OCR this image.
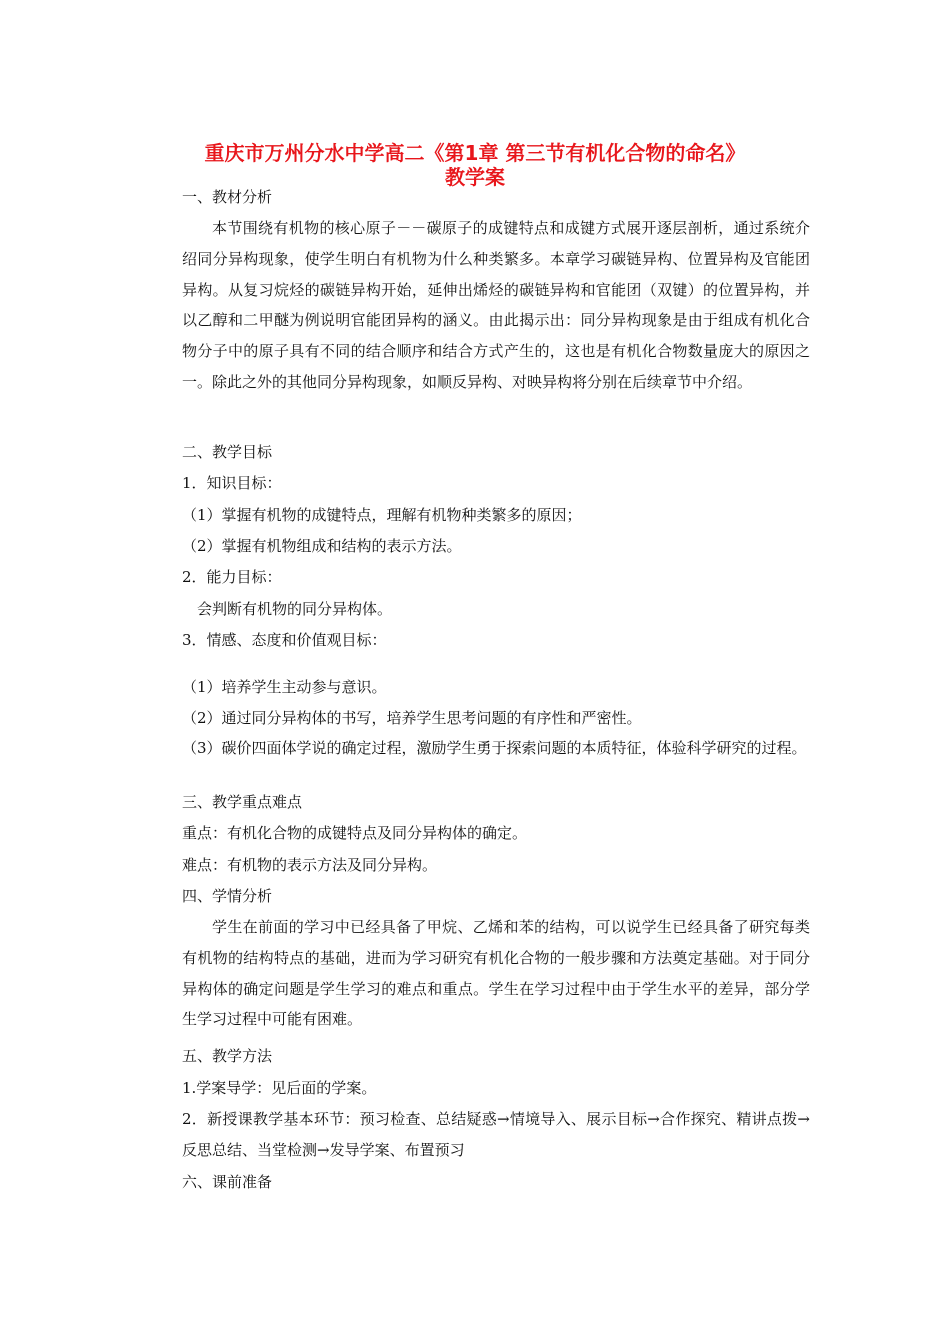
重庆市万州分水中学高二《第1章 第三节有机化合物的命名》
教学案
一、教材分析
本节围绕有机物的核心原子－－碳原子的成键特点和成键方式展开逐层剖析，通过系统介绍同分异构现象，使学生明白有机物为什么种类繁多。本章学习碳链异构、位置异构及官能团异构。从复习烷烃的碳链异构开始，延伸出烯烃的碳链异构和官能团（双键）的位置异构，并以乙醇和二甲醚为例说明官能团异构的涵义。由此揭示出：同分异构现象是由于组成有机化合物分子中的原子具有不同的结合顺序和结合方式产生的，这也是有机化合物数量庞大的原因之一。除此之外的其他同分异构现象，如顺反异构、对映异构将分别在后续章节中介绍。
二、教学目标
1．知识目标：
（1）掌握有机物的成键特点，理解有机物种类繁多的原因；
（2）掌握有机物组成和结构的表示方法。
2．能力目标：
会判断有机物的同分异构体。
3．情感、态度和价值观目标：
（1）培养学生主动参与意识。
（2）通过同分异构体的书写，培养学生思考问题的有序性和严密性。
（3）碳价四面体学说的确定过程，激励学生勇于探索问题的本质特征，体验科学研究的过程。
三、教学重点难点
重点：有机化合物的成键特点及同分异构体的确定。
难点：有机物的表示方法及同分异构。
四、学情分析
学生在前面的学习中已经具备了甲烷、乙烯和苯的结构，可以说学生已经具备了研究每类有机物的结构特点的基础，进而为学习研究有机化合物的一般步骤和方法奠定基础。对于同分异构体的确定问题是学生学习的难点和重点。学生在学习过程中由于学生水平的差异，部分学生学习过程中可能有困难。
五、教学方法
1.学案导学：见后面的学案。
2．新授课教学基本环节：预习检查、总结疑惑→情境导入、展示目标→合作探究、精讲点拨→反思总结、当堂检测→发导学案、布置预习
六、课前准备
